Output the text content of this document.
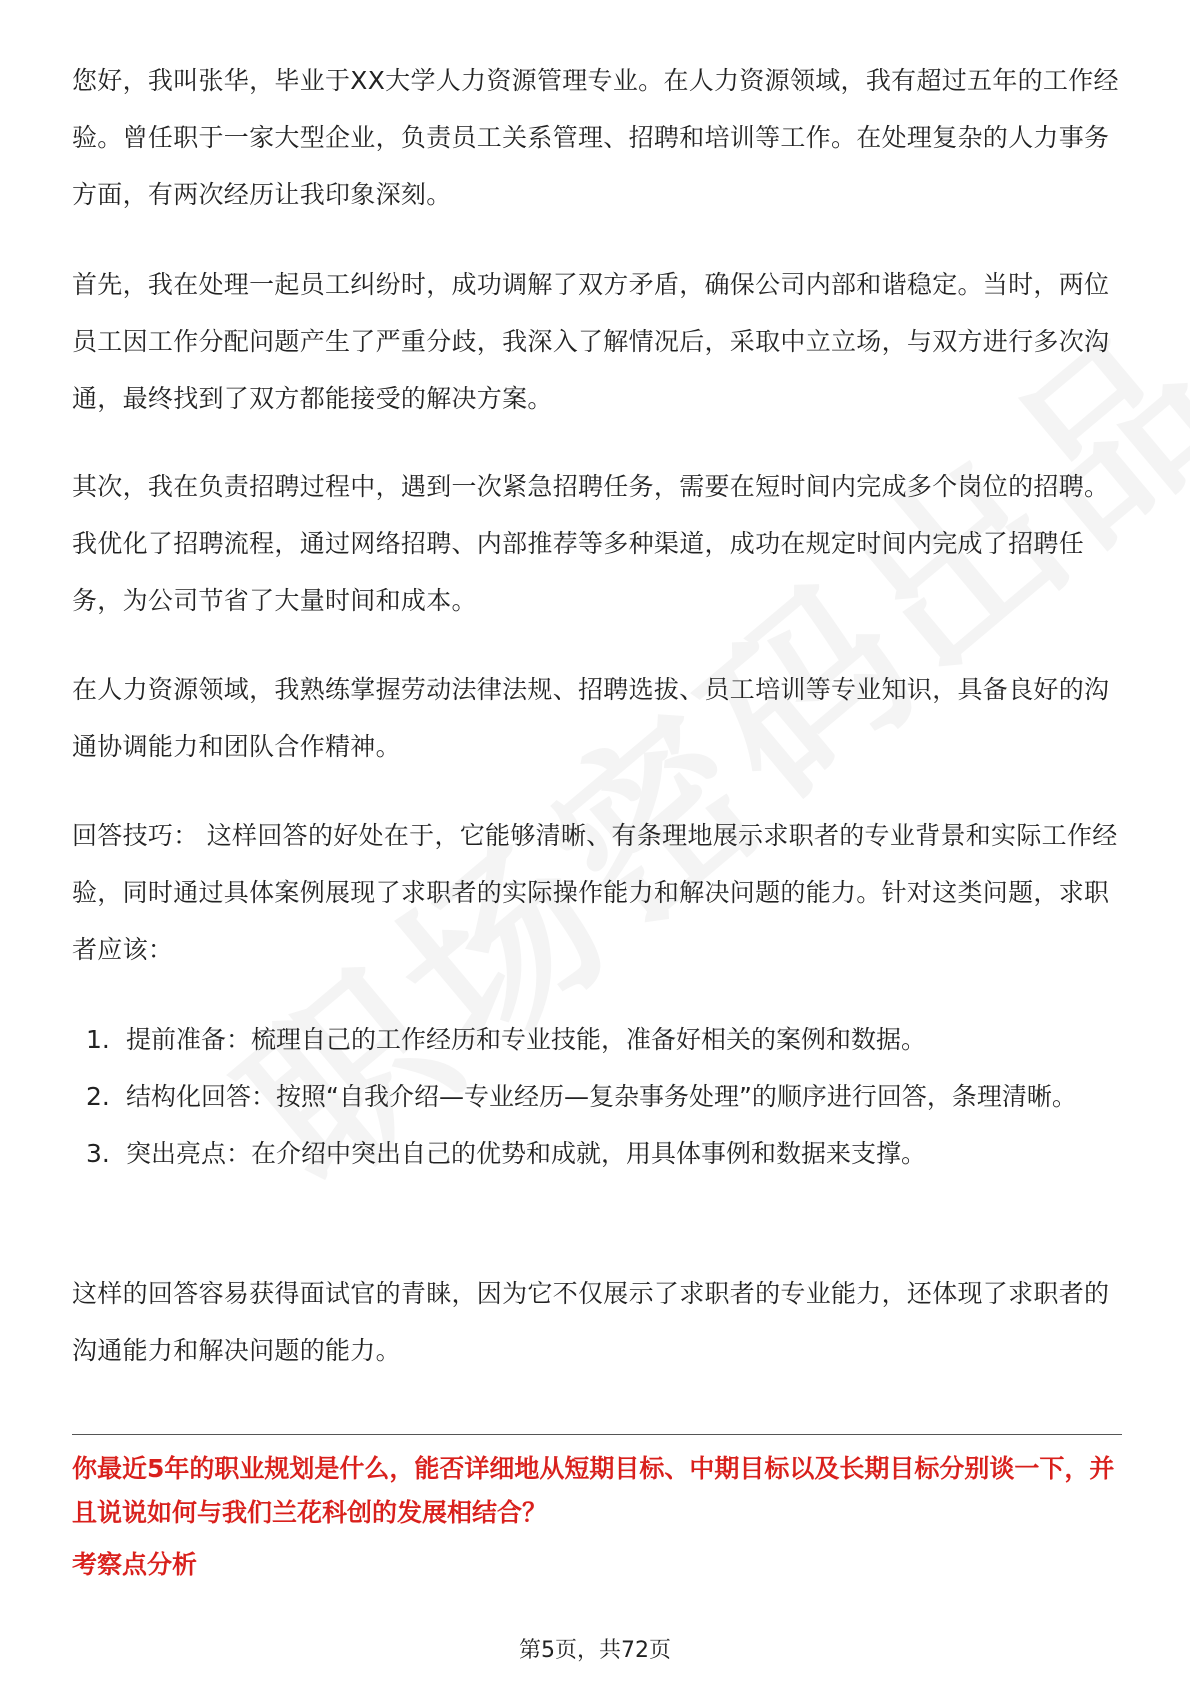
您好，我叫张华，毕业于XX大学人力资源管理专业。在人力资源领域，我有超过五年的工作经验。曾任职于一家大型企业，负责员工关系管理、招聘和培训等工作。在处理复杂的人力事务方面，有两次经历让我印象深刻。

首先，我在处理一起员工纠纷时，成功调解了双方矛盾，确保公司内部和谐稳定。当时，两位员工因工作分配问题产生了严重分歧，我深入了解情况后，采取中立立场，与双方进行多次沟通，最终找到了双方都能接受的解决方案。

其次，我在负责招聘过程中，遇到一次紧急招聘任务，需要在短时间内完成多个岗位的招聘。我优化了招聘流程，通过网络招聘、内部推荐等多种渠道，成功在规定时间内完成了招聘任务，为公司节省了大量时间和成本。

在人力资源领域，我熟练掌握劳动法律法规、招聘选拔、员工培训等专业知识，具备良好的沟通协调能力和团队合作精神。

回答技巧： 这样回答的好处在于，它能够清晰、有条理地展示求职者的专业背景和实际工作经验，同时通过具体案例展现了求职者的实际操作能力和解决问题的能力。针对这类问题，求职者应该：

1. 提前准备：梳理自己的工作经历和专业技能，准备好相关的案例和数据。
2. 结构化回答：按照“自我介绍—专业经历—复杂事务处理”的顺序进行回答，条理清晰。
3. 突出亮点：在介绍中突出自己的优势和成就，用具体事例和数据来支撑。

这样的回答容易获得面试官的青睐，因为它不仅展示了求职者的专业能力，还体现了求职者的沟通能力和解决问题的能力。

你最近5年的职业规划是什么，能否详细地从短期目标、中期目标以及长期目标分别谈一下，并且说说如何与我们兰花科创的发展相结合？

考察点分析

第5页，共72页
